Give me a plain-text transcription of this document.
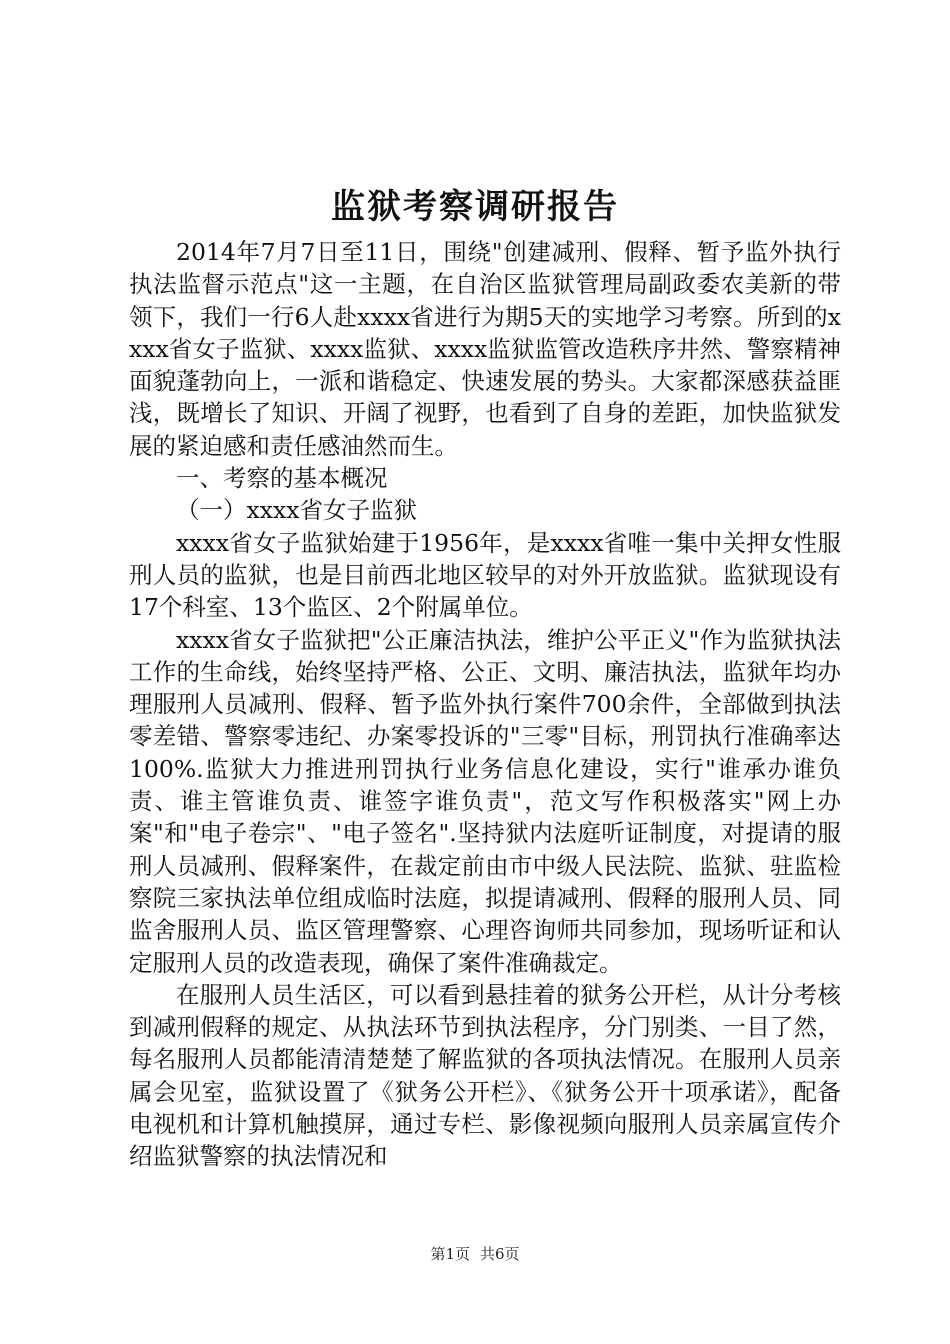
监狱考察调研报告

2014年7月7日至11日，围绕"创建减刑、假释、暂予监外执行执法监督示范点"这一主题，在自治区监狱管理局副政委农美新的带领下，我们一行6人赴xxxx省进行为期5天的实地学习考察。所到的xxxx省女子监狱、xxxx监狱、xxxx监狱监管改造秩序井然、警察精神面貌蓬勃向上，一派和谐稳定、快速发展的势头。大家都深感获益匪浅，既增长了知识、开阔了视野，也看到了自身的差距，加快监狱发展的紧迫感和责任感油然而生。

一、考察的基本概况

（一）xxxx省女子监狱

xxxx省女子监狱始建于1956年，是xxxx省唯一集中关押女性服刑人员的监狱，也是目前西北地区较早的对外开放监狱。监狱现设有17个科室、13个监区、2个附属单位。

xxxx省女子监狱把"公正廉洁执法，维护公平正义"作为监狱执法工作的生命线，始终坚持严格、公正、文明、廉洁执法，监狱年均办理服刑人员减刑、假释、暂予监外执行案件700余件，全部做到执法零差错、警察零违纪、办案零投诉的"三零"目标，刑罚执行准确率达100%.监狱大力推进刑罚执行业务信息化建设，实行"谁承办谁负责、谁主管谁负责、谁签字谁负责"，范文写作积极落实"网上办案"和"电子卷宗"、"电子签名".坚持狱内法庭听证制度，对提请的服刑人员减刑、假释案件，在裁定前由市中级人民法院、监狱、驻监检察院三家执法单位组成临时法庭，拟提请减刑、假释的服刑人员、同监舍服刑人员、监区管理警察、心理咨询师共同参加，现场听证和认定服刑人员的改造表现，确保了案件准确裁定。

在服刑人员生活区，可以看到悬挂着的狱务公开栏，从计分考核到减刑假释的规定、从执法环节到执法程序，分门别类、一目了然，每名服刑人员都能清清楚楚了解监狱的各项执法情况。在服刑人员亲属会见室，监狱设置了《狱务公开栏》、《狱务公开十项承诺》，配备电视机和计算机触摸屏，通过专栏、影像视频向服刑人员亲属宣传介绍监狱警察的执法情况和

第1页 共6页
